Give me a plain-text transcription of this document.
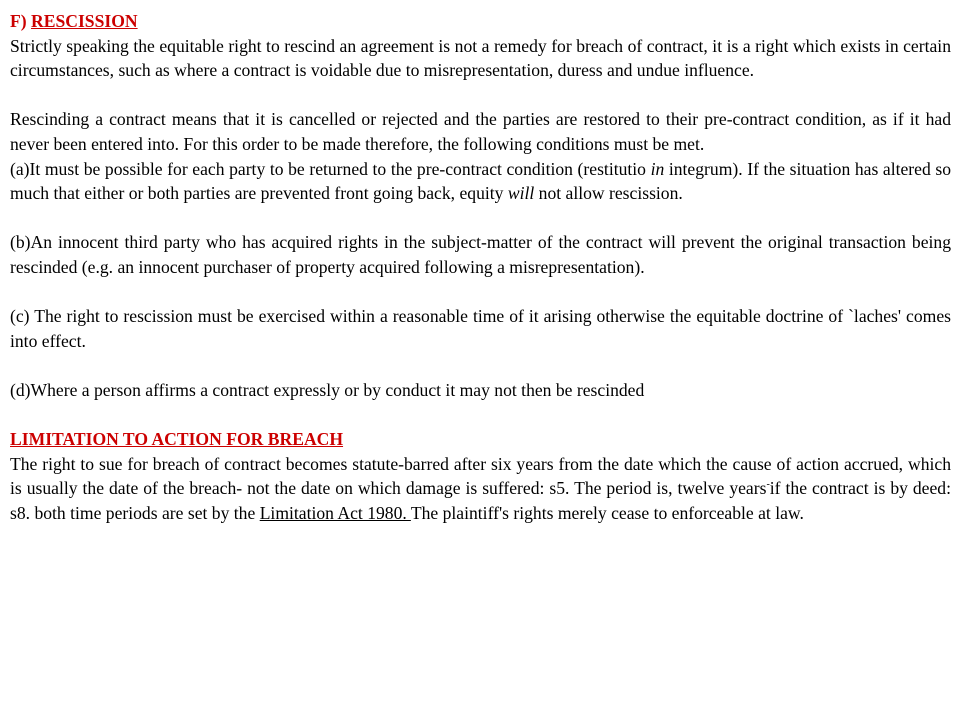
F) RESCISSION
Strictly speaking the equitable right to rescind an agreement is not a remedy for breach of contract, it is a right which exists in certain circumstances, such as where a contract is voidable due to misrepresentation, duress and undue influence.
Rescinding a contract means that it is cancelled or rejected and the parties are restored to their pre-contract condition, as if it had never been entered into. For this order to be made therefore, the following conditions must be met.
(a)It must be possible for each party to be returned to the pre-contract condition (restitutio in integrum). If the situation has altered so much that either or both parties are prevented front going back, equity will not allow rescission.
(b)An innocent third party who has acquired rights in the subject-matter of the contract will prevent the original transaction being rescinded (e.g. an innocent purchaser of property acquired following a misrepresentation).
(c) The right to rescission must be exercised within a reasonable time of it arising otherwise the equitable doctrine of `laches' comes into effect.
(d)Where a person affirms a contract expressly or by conduct it may not then be rescinded
LIMITATION TO ACTION FOR BREACH
The right to sue for breach of contract becomes statute-barred after six years from the date which the cause of action accrued, which is usually the date of the breach- not the date on which damage is suffered: s5. The period is, twelve years-if the contract is by deed: s8. both time periods are set by the Limitation Act 1980. The plaintiff's rights merely cease to enforceable at law.
